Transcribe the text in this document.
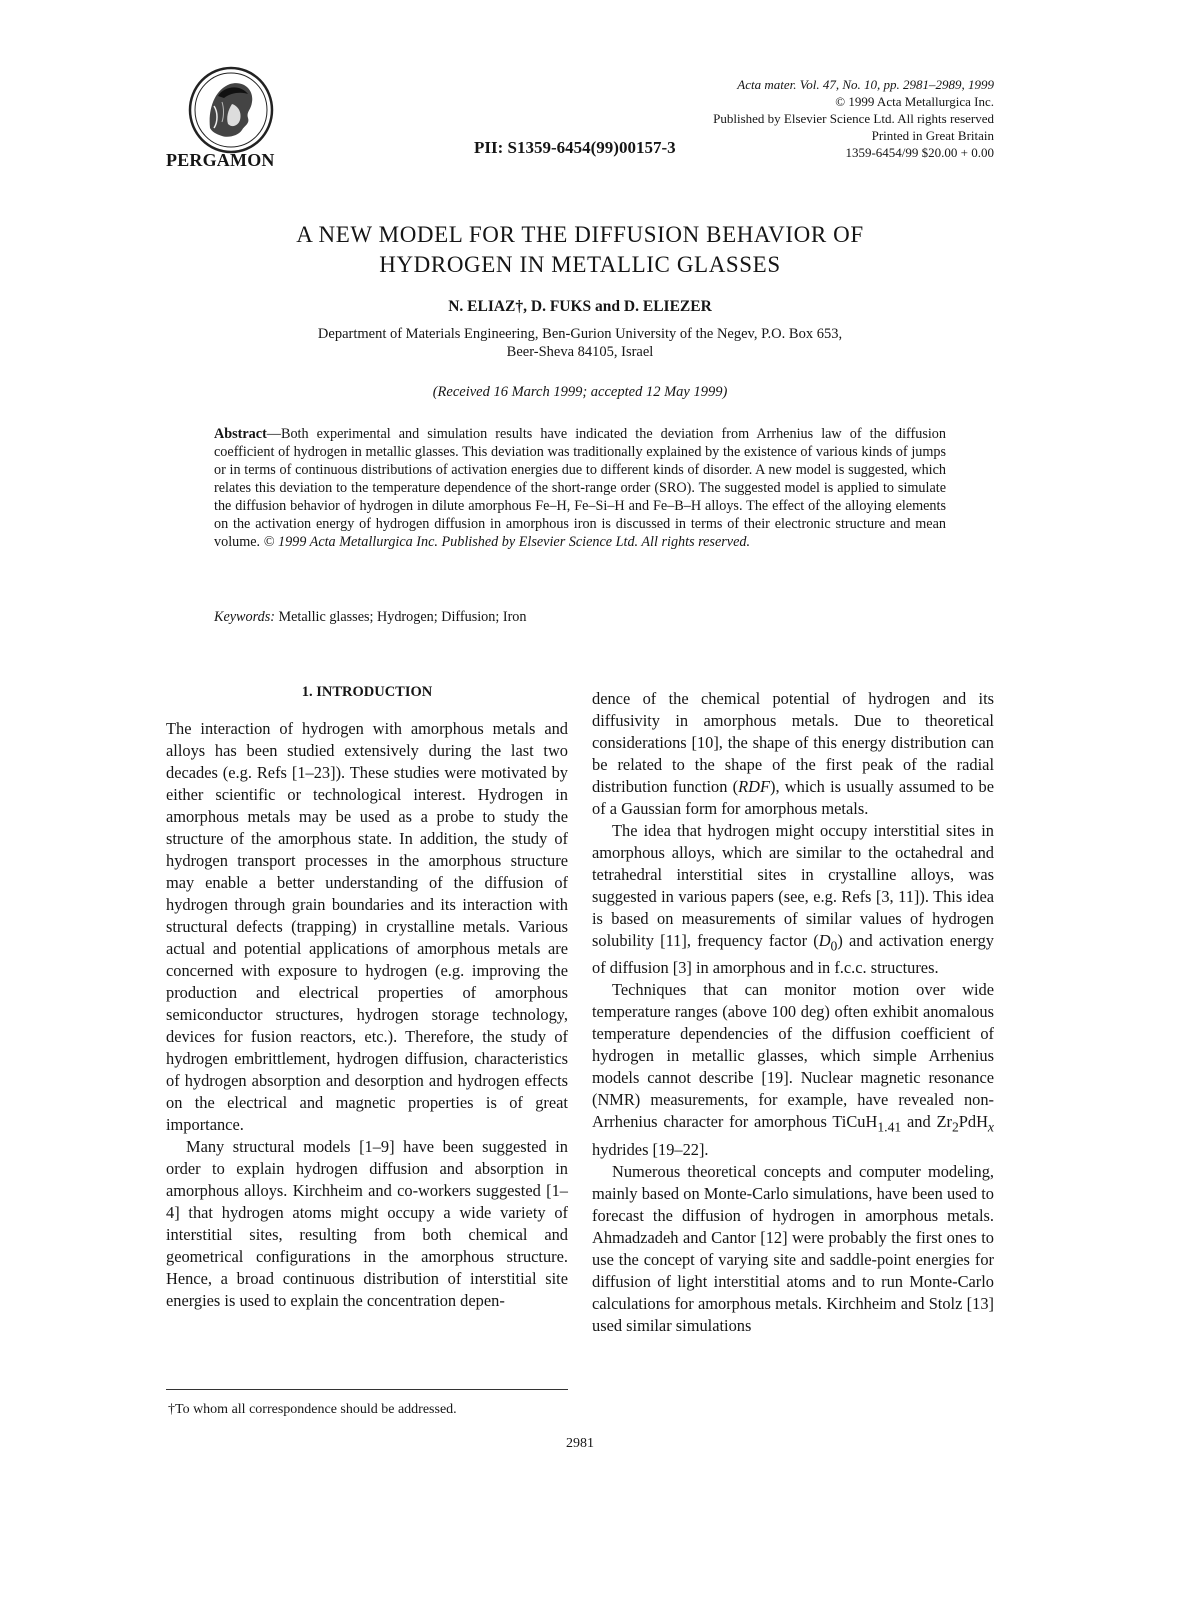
PERGAMON
PII: S1359-6454(99)00157-3
Acta mater. Vol. 47, No. 10, pp. 2981–2989, 1999
© 1999 Acta Metallurgica Inc.
Published by Elsevier Science Ltd. All rights reserved
Printed in Great Britain
1359-6454/99 $20.00 + 0.00
A NEW MODEL FOR THE DIFFUSION BEHAVIOR OF
HYDROGEN IN METALLIC GLASSES
N. ELIAZ†, D. FUKS and D. ELIEZER
Department of Materials Engineering, Ben-Gurion University of the Negev, P.O. Box 653,
Beer-Sheva 84105, Israel
(Received 16 March 1999; accepted 12 May 1999)
Abstract—Both experimental and simulation results have indicated the deviation from Arrhenius law of the diffusion coefficient of hydrogen in metallic glasses. This deviation was traditionally explained by the existence of various kinds of jumps or in terms of continuous distributions of activation energies due to different kinds of disorder. A new model is suggested, which relates this deviation to the temperature dependence of the short-range order (SRO). The suggested model is applied to simulate the diffusion behavior of hydrogen in dilute amorphous Fe–H, Fe–Si–H and Fe–B–H alloys. The effect of the alloying elements on the activation energy of hydrogen diffusion in amorphous iron is discussed in terms of their electronic structure and mean volume. © 1999 Acta Metallurgica Inc. Published by Elsevier Science Ltd. All rights reserved.
Keywords: Metallic glasses; Hydrogen; Diffusion; Iron
1. INTRODUCTION

The interaction of hydrogen with amorphous metals and alloys has been studied extensively during the last two decades (e.g. Refs [1–23]). These studies were motivated by either scientific or technological interest. Hydrogen in amorphous metals may be used as a probe to study the structure of the amorphous state. In addition, the study of hydrogen transport processes in the amorphous structure may enable a better understanding of the diffusion of hydrogen through grain boundaries and its interaction with structural defects (trapping) in crystalline metals. Various actual and potential applications of amorphous metals are concerned with exposure to hydrogen (e.g. improving the production and electrical properties of amorphous semiconductor structures, hydrogen storage technology, devices for fusion reactors, etc.). Therefore, the study of hydrogen embrittlement, hydrogen diffusion, characteristics of hydrogen absorption and desorption and hydrogen effects on the electrical and magnetic properties is of great importance.

Many structural models [1–9] have been suggested in order to explain hydrogen diffusion and absorption in amorphous alloys. Kirchheim and co-workers suggested [1–4] that hydrogen atoms might occupy a wide variety of interstitial sites, resulting from both chemical and geometrical configurations in the amorphous structure. Hence, a broad continuous distribution of interstitial site energies is used to explain the concentration depen-

dence of the chemical potential of hydrogen and its diffusivity in amorphous metals. Due to theoretical considerations [10], the shape of this energy distribution can be related to the shape of the first peak of the radial distribution function (RDF), which is usually assumed to be of a Gaussian form for amorphous metals.

The idea that hydrogen might occupy interstitial sites in amorphous alloys, which are similar to the octahedral and tetrahedral interstitial sites in crystalline alloys, was suggested in various papers (see, e.g. Refs [3, 11]). This idea is based on measurements of similar values of hydrogen solubility [11], frequency factor $(D_0)$ and activation energy of diffusion [3] in amorphous and in f.c.c. structures.

Techniques that can monitor motion over wide temperature ranges (above 100 deg) often exhibit anomalous temperature dependencies of the diffusion coefficient of hydrogen in metallic glasses, which simple Arrhenius models cannot describe [19]. Nuclear magnetic resonance (NMR) measurements, for example, have revealed non-Arrhenius character for amorphous TiCuH$_{1.41}$ and $Zr_2PdH_x$ hydrides [19–22].

Numerous theoretical concepts and computer modeling, mainly based on Monte-Carlo simulations, have been used to forecast the diffusion of hydrogen in amorphous metals. Ahmadzadeh and Cantor [12] were probably the first ones to use the concept of varying site and saddle-point energies for diffusion of light interstitial atoms and to run Monte-Carlo calculations for amorphous metals. Kirchheim and Stolz [13] used similar simulations

†To whom all correspondence should be addressed.
2981
